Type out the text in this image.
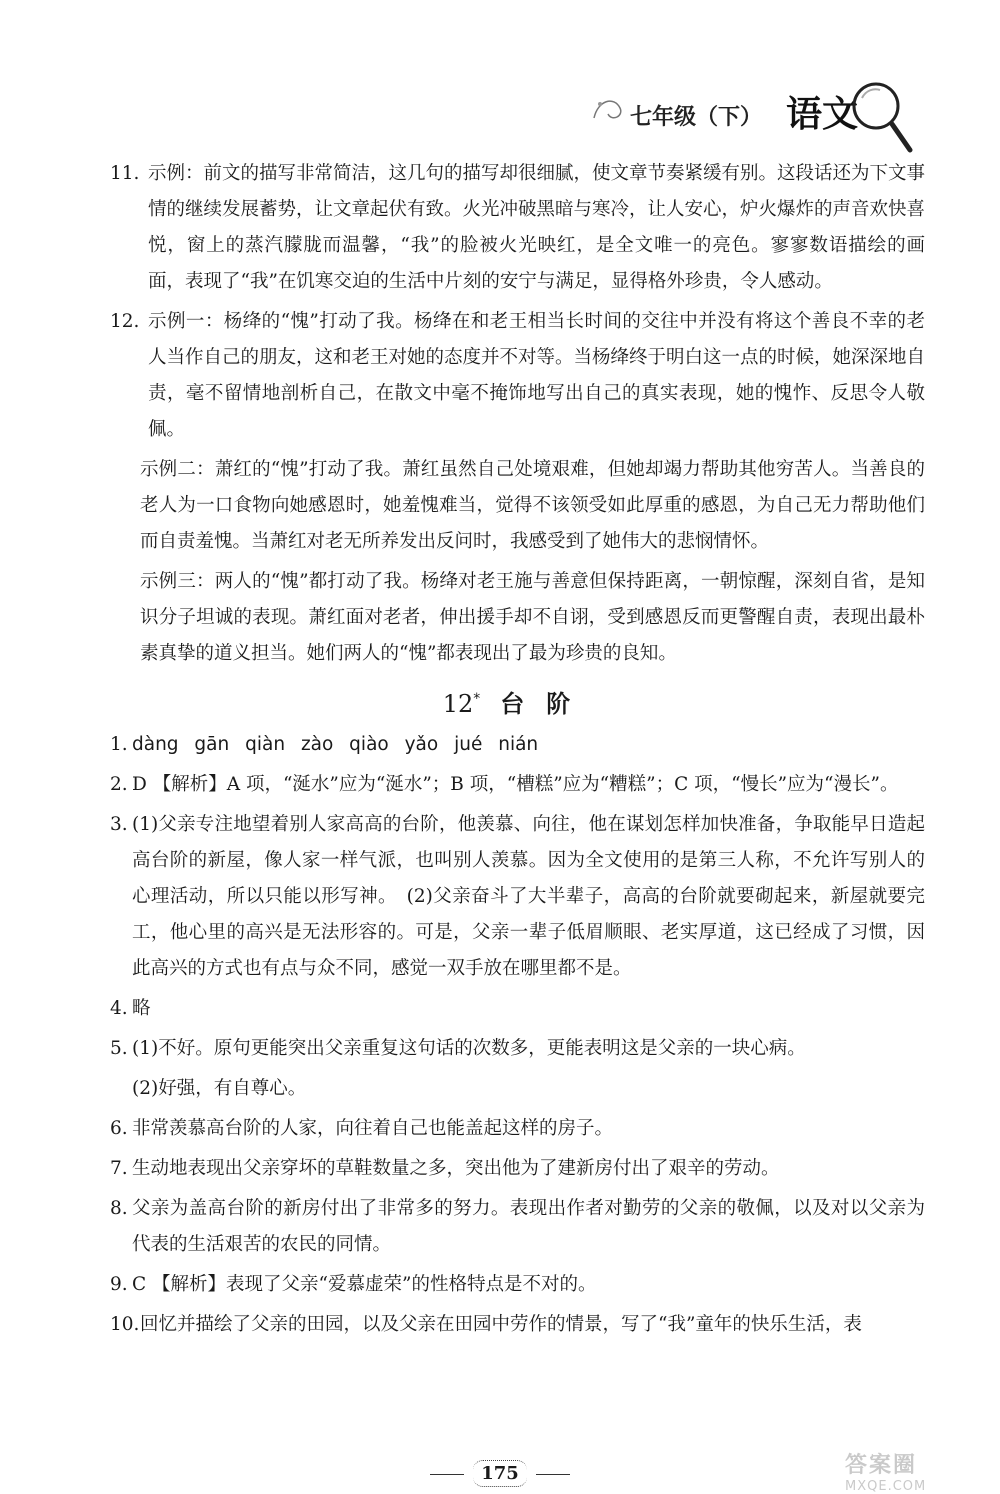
七年级（下） 语文
11. 示例：前文的描写非常简洁，这几句的描写却很细腻，使文章节奏紧缓有别。这段话还为下文事情的继续发展蓄势，让文章起伏有致。火光冲破黑暗与寒冷，让人安心，炉火爆炸的声音欢快喜悦，窗上的蒸汽朦胧而温馨，“我”的脸被火光映红，是全文唯一的亮色。寥寥数语描绘的画面，表现了“我”在饥寒交迫的生活中片刻的安宁与满足，显得格外珍贵，令人感动。
12. 示例一：杨绛的“愧”打动了我。杨绛在和老王相当长时间的交往中并没有将这个善良不幸的老人当作自己的朋友，这和老王对她的态度并不对等。当杨绛终于明白这一点的时候，她深深地自责，毫不留情地剖析自己，在散文中毫不掩饰地写出自己的真实表现，她的愧怍、反思令人敬佩。
示例二：萧红的“愧”打动了我。萧红虽然自己处境艰难，但她却竭力帮助其他穷苦人。当善良的老人为一口食物向她感恩时，她羞愧难当，觉得不该领受如此厚重的感恩，为自己无力帮助他们而自责羞愧。当萧红对老无所养发出反问时，我感受到了她伟大的悲悯情怀。
示例三：两人的“愧”都打动了我。杨绛对老王施与善意但保持距离，一朝惊醒，深刻自省，是知识分子坦诚的表现。萧红面对老者，伸出援手却不自诩，受到感恩反而更警醒自责，表现出最朴素真挚的道义担当。她们两人的“愧”都表现出了最为珍贵的良知。
12* 台阶
1. dàng gān qiàn zào qiào yǎo jué nián
2. D 【解析】A 项，“涎水”应为“涎水”；B 项，“槽糕”应为“糟糕”；C 项，“慢长”应为“漫长”。
3. (1)父亲专注地望着别人家高高的台阶，他羡慕、向往，他在谋划怎样加快准备，争取能早日造起高台阶的新屋，像人家一样气派，也叫别人羡慕。因为全文使用的是第三人称，不允许写别人的心理活动，所以只能以形写神。　(2)父亲奋斗了大半辈子，高高的台阶就要砌起来，新屋就要完工，他心里的高兴是无法形容的。可是，父亲一辈子低眉顺眼、老实厚道，这已经成了习惯，因此高兴的方式也有点与众不同，感觉一双手放在哪里都不是。
4. 略
5. (1)不好。原句更能突出父亲重复这句话的次数多，更能表明这是父亲的一块心病。
(2)好强，有自尊心。
6. 非常羡慕高台阶的人家，向往着自己也能盖起这样的房子。
7. 生动地表现出父亲穿坏的草鞋数量之多，突出他为了建新房付出了艰辛的劳动。
8. 父亲为盖高台阶的新房付出了非常多的努力。表现出作者对勤劳的父亲的敬佩，以及对以父亲为代表的生活艰苦的农民的同情。
9. C 【解析】表现了父亲“爱慕虚荣”的性格特点是不对的。
10. 回忆并描绘了父亲的田园，以及父亲在田园中劳作的情景，写了“我”童年的快乐生活，表
175	答案圈
MXQE.COM
